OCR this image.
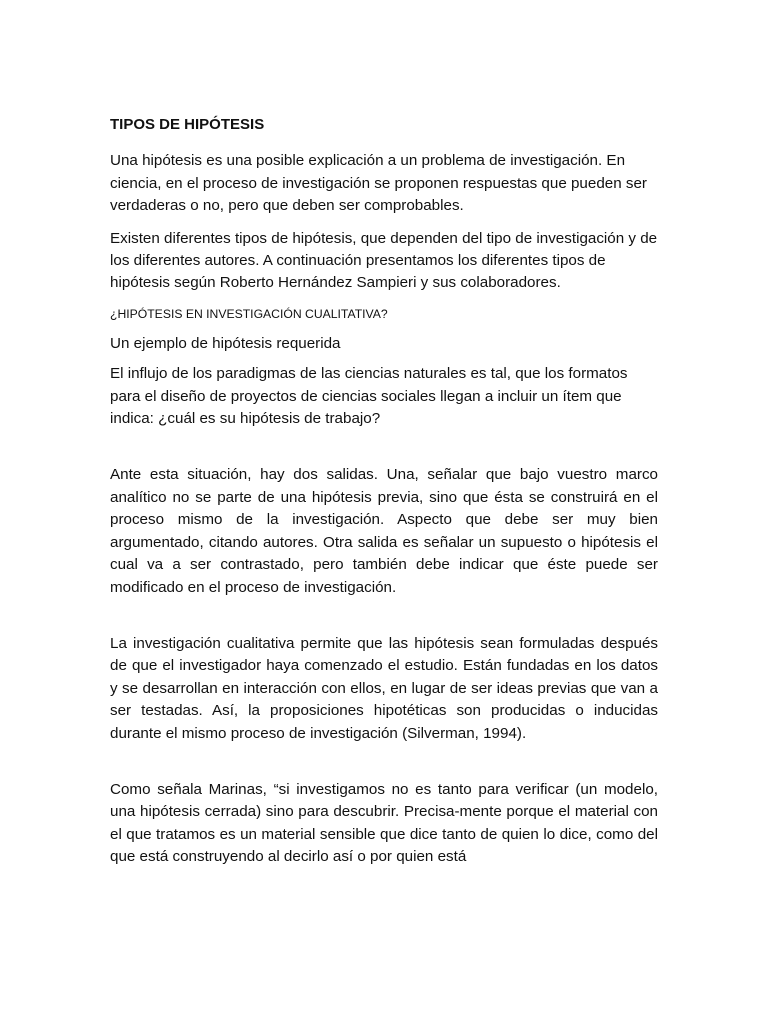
TIPOS DE HIPÓTESIS

Una hipótesis es una posible explicación a un problema de investigación. En ciencia, en el proceso de investigación se proponen respuestas que pueden ser verdaderas o no, pero que deben ser comprobables.

Existen diferentes tipos de hipótesis, que dependen del tipo de investigación y de los diferentes autores. A continuación presentamos los diferentes tipos de hipótesis según Roberto Hernández Sampieri y sus colaboradores.

¿HIPÓTESIS EN INVESTIGACIÓN CUALITATIVA?
Un ejemplo de hipótesis requerida

El influjo de los paradigmas de las ciencias naturales es tal, que los formatos para el diseño de proyectos de ciencias sociales llegan a incluir un ítem que indica: ¿cuál es su hipótesis de trabajo?

Ante esta situación, hay dos salidas. Una, señalar que bajo vuestro marco analítico no se parte de una hipótesis previa, sino que ésta se construirá en el proceso mismo de la investigación. Aspecto que debe ser muy bien argumentado, citando autores. Otra salida es señalar un supuesto o hipótesis el cual va a ser contrastado, pero también debe indicar que éste puede ser modificado en el proceso de investigación.

La investigación cualitativa permite que las hipótesis sean formuladas después de que el investigador haya comenzado el estudio. Están fundadas en los datos y se desarrollan en interacción con ellos, en lugar de ser ideas previas que van a ser testadas. Así, la proposiciones hipotéticas son producidas o inducidas durante el mismo proceso de investigación (Silverman, 1994).

Como señala Marinas, “si investigamos no es tanto para verificar (un modelo, una hipótesis cerrada) sino para descubrir. Precisa-mente porque el material con el que tratamos es un material sensible que dice tanto de quien lo dice, como del que está construyendo al decirlo así o por quien está
